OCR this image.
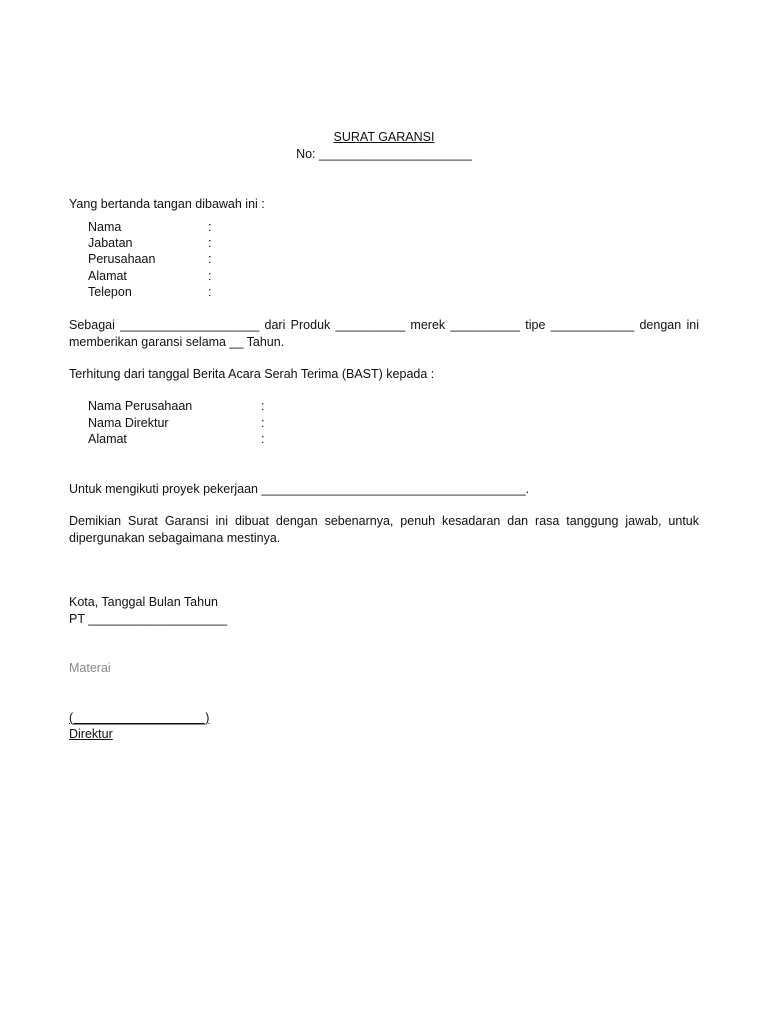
SURAT GARANSI
No: ______________________
Yang bertanda tangan dibawah ini :
Nama	:
Jabatan	:
Perusahaan	:
Alamat	:
Telepon	:
Sebagai ____________________ dari Produk __________ merek __________ tipe ____________ dengan ini memberikan garansi selama __ Tahun.
Terhitung dari tanggal Berita Acara Serah Terima (BAST) kepada :
Nama Perusahaan	:
Nama Direktur	:
Alamat	:
Untuk mengikuti proyek pekerjaan ______________________________________.
Demikian Surat Garansi ini dibuat dengan sebenarnya, penuh kesadaran dan rasa tanggung jawab, untuk dipergunakan sebagaimana mestinya.
Kota, Tanggal Bulan Tahun
PT ____________________
Materai
(___________________)
Direktur
